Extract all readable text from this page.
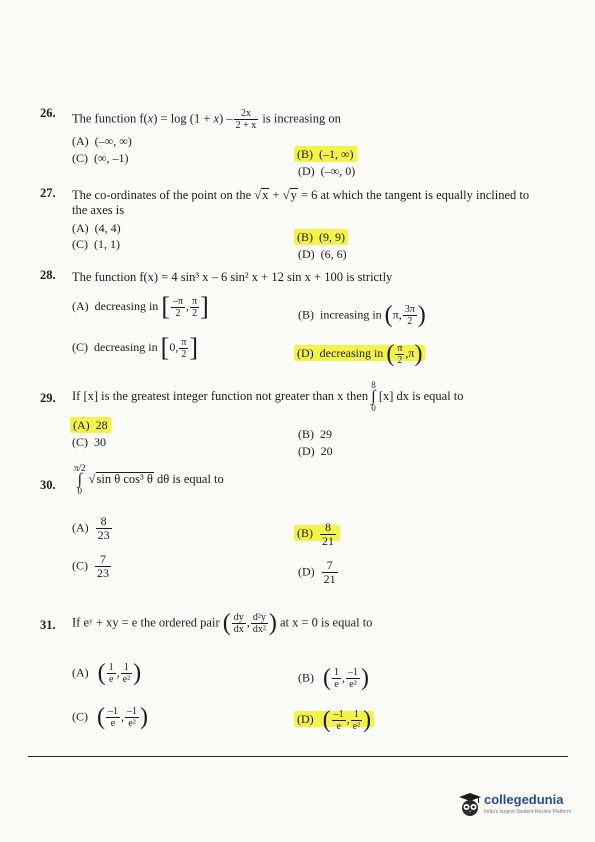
26. The function $f(x) = \log (1 + x) - \frac{2x}{2 + x}$ is increasing on
(A) (–∞, ∞)
(B) (–1, ∞)
(C) (∞, –1)
(D) (–∞, 0)
27. The co-ordinates of the point on the √x + √y = 6 at which the tangent is equally inclined to
the axes is
(A) (4, 4)
(B) (9, 9)
(C) (1, 1)
(D) (6, 6)
28. The function f(x) = 4 sin³ x – 6 sin² x + 12 sin x + 100 is strictly
(A) decreasing in [ $\frac{-\pi}{2}$ , $\frac{\pi}{2}$ ]	(B) increasing in (π, $\frac{3\pi}{2}$ )
(C) decreasing in [0, $\frac{\pi}{2}$ ]	(D) decreasing in ( $\frac{\pi}{2} ,\pi$)
29. If [x] is the greatest integer function not greater than x then 8
∫
0 [x] dx is equal to
(A) 28
(B) 29
(C) 30
(D) 20
30.
π/2
∫
0 √sin θ cos³ θ dθ is equal to
$(A) \frac{8}{23}$	$(B) \frac{8}{21}$
$(C) \frac{7}{23}$	$(D) \frac{7}{21}$
31. If eʸ + xy = e the ordered pair ( $\frac{dy}{dx}$ , $\frac{\text{d²y}}{\text{dx²}}$ ) at x = 0 is equal to
(A) ( $\frac{1}{e}$ , $\frac{1}{\text{e²}}$ )	(B) ( $\frac{1}{e}$ , $\frac{-1}{\text{e²}}$ )
(C) ( $\frac{-1}{e}$ , $\frac{-1}{\text{e²}}$ )	(D) ( $\frac{-1}{e}$ , $\frac{1}{\text{e²}}$ )
collegedunia
India's largest Student Review Platform
